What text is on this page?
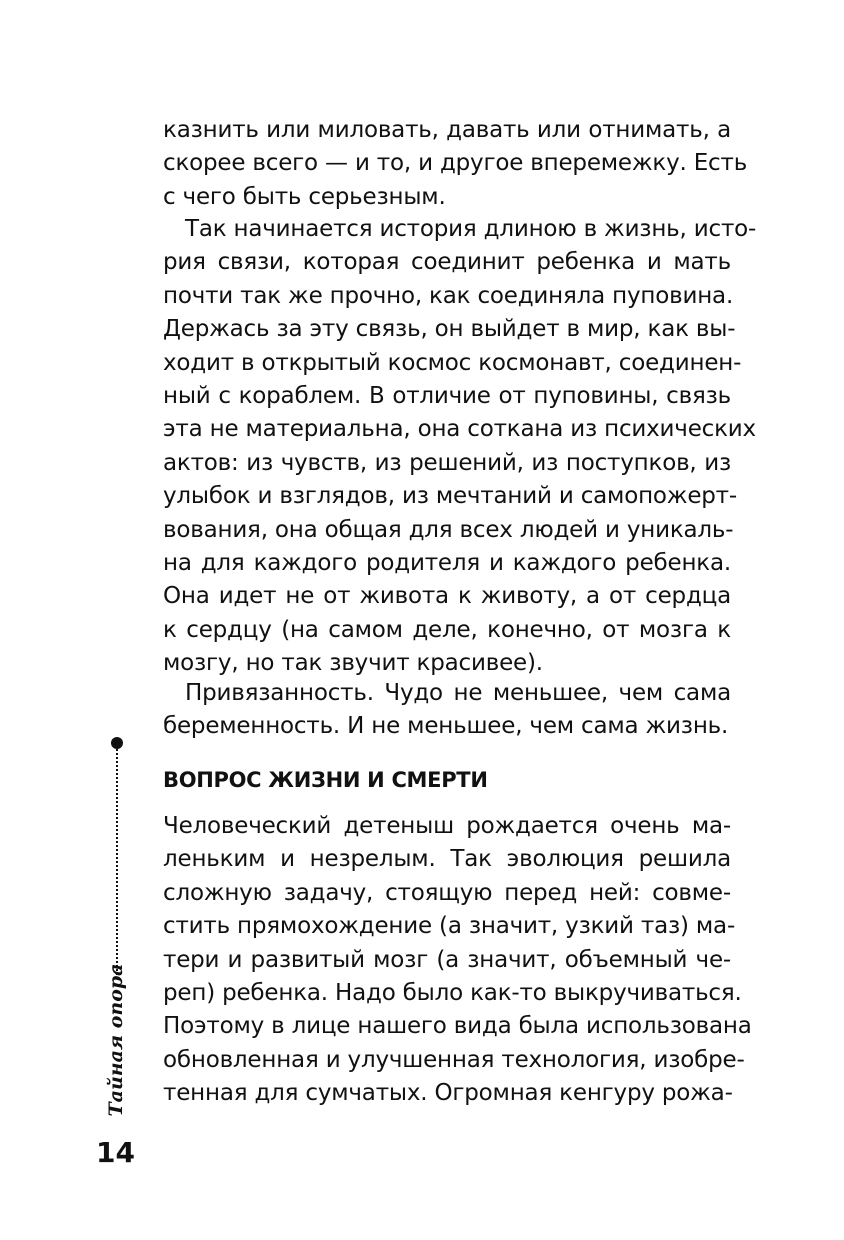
казнить или миловать, давать или отнимать, а
скорее всего — и то, и другое вперемежку. Есть
с чего быть серьезным.
Так начинается история длиною в жизнь, исто-
рия связи, которая соединит ребенка и мать
почти так же прочно, как соединяла пуповина.
Держась за эту связь, он выйдет в мир, как вы-
ходит в открытый космос космонавт, соединен-
ный с кораблем. В отличие от пуповины, связь
эта не материальна, она соткана из психических
актов: из чувств, из решений, из поступков, из
улыбок и взглядов, из мечтаний и самопожерт-
вования, она общая для всех людей и уникаль-
на для каждого родителя и каждого ребенка.
Она идет не от живота к животу, а от сердца
к сердцу (на самом деле, конечно, от мозга к
мозгу, но так звучит красивее).
Привязанность. Чудо не меньшее, чем сама
беременность. И не меньшее, чем сама жизнь.
Тайная опора
ВОПРОС ЖИЗНИ И СМЕРТИ
Человеческий детеныш рождается очень ма-
леньким и незрелым. Так эволюция решила
сложную задачу, стоящую перед ней: совме-
стить прямохождение (а значит, узкий таз) ма-
тери и развитый мозг (а значит, объемный че-
реп) ребенка. Надо было как-то выкручиваться.
Поэтому в лице нашего вида была использована
обновленная и улучшенная технология, изобре-
тенная для сумчатых. Огромная кенгуру рожа-
14
